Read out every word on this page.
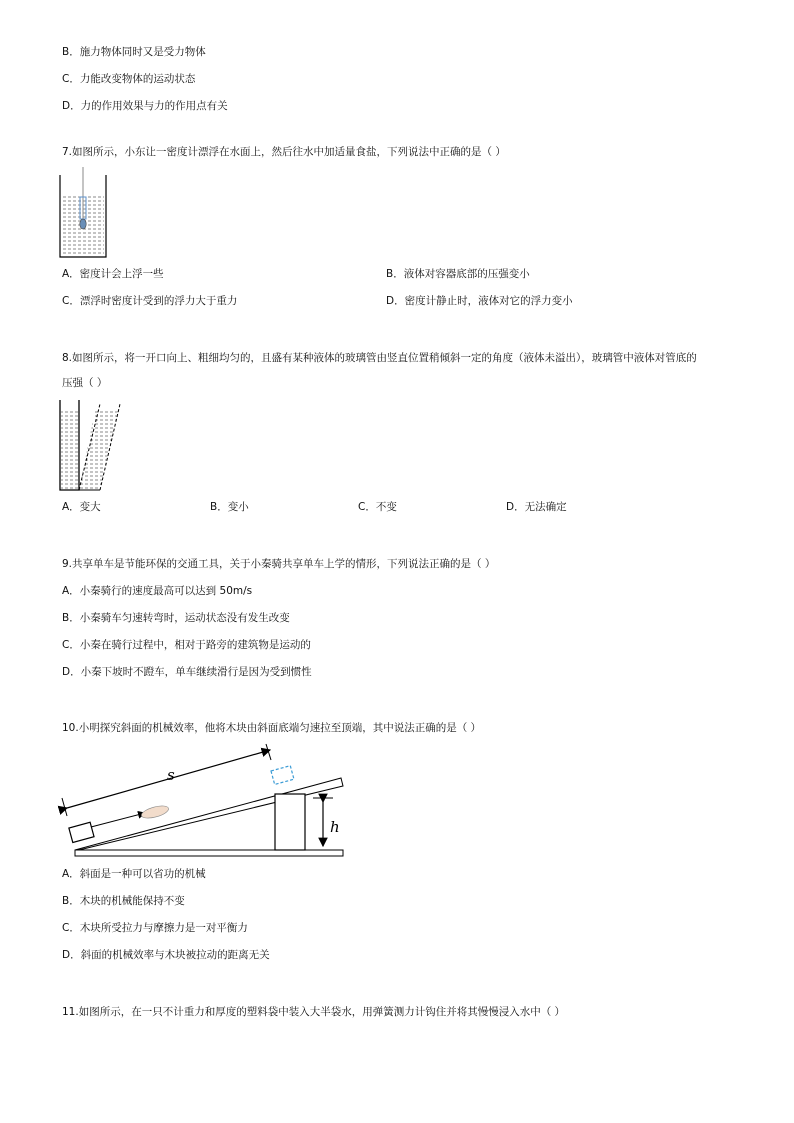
B．施力物体同时又是受力物体
C．力能改变物体的运动状态
D．力的作用效果与力的作用点有关
7.如图所示，小东让一密度计漂浮在水面上，然后往水中加适量食盐，下列说法中正确的是（ ）
A．密度计会上浮一些	B．液体对容器底部的压强变小
C．漂浮时密度计受到的浮力大于重力	D．密度计静止时，液体对它的浮力变小
8.如图所示，将一开口向上、粗细均匀的，且盛有某种液体的玻璃管由竖直位置稍倾斜一定的角度（液体未溢出），玻璃管中液体对管底的
压强（ ）
A．变大	B．变小	C．不变	D．无法确定
9.共享单车是节能环保的交通工具，关于小秦骑共享单车上学的情形，下列说法正确的是（ ）
A．小秦骑行的速度最高可以达到 50m/s
B．小秦骑车匀速转弯时，运动状态没有发生改变
C．小秦在骑行过程中，相对于路旁的建筑物是运动的
D．小秦下坡时不蹬车，单车继续滑行是因为受到惯性
10.小明探究斜面的机械效率，他将木块由斜面底端匀速拉至顶端，其中说法正确的是（ ）
h
s
A．斜面是一种可以省功的机械
B．木块的机械能保持不变
C．木块所受拉力与摩擦力是一对平衡力
D．斜面的机械效率与木块被拉动的距离无关
11.如图所示，在一只不计重力和厚度的塑料袋中装入大半袋水，用弹簧测力计钩住并将其慢慢浸入水中（ ）
